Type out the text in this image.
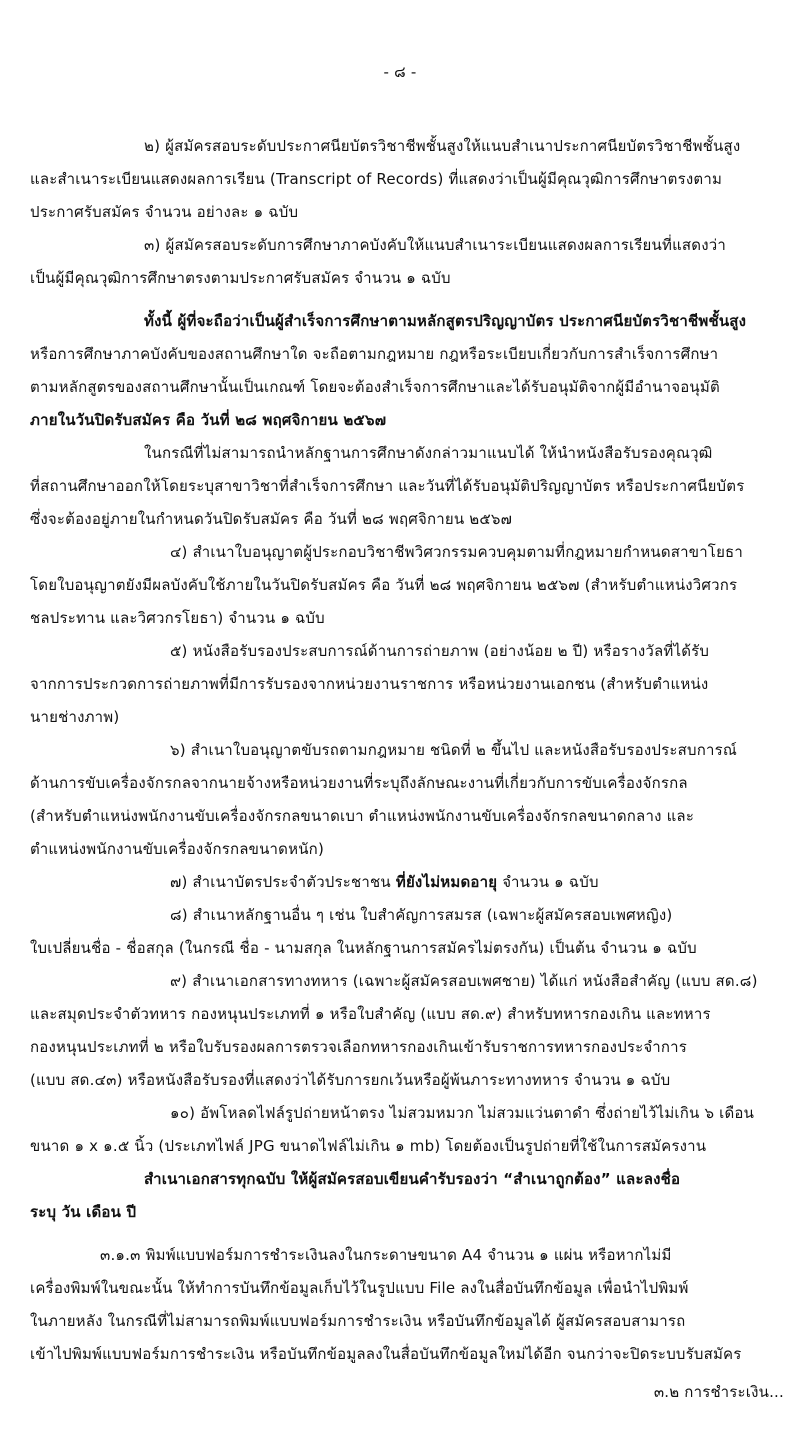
- ๘ -

๒) ผู้สมัครสอบระดับประกาศนียบัตรวิชาชีพชั้นสูงให้แนบสำเนาประกาศนียบัตรวิชาชีพชั้นสูง
และสำเนาระเบียนแสดงผลการเรียน (Transcript of Records) ที่แสดงว่าเป็นผู้มีคุณวุฒิการศึกษาตรงตาม
ประกาศรับสมัคร จำนวน อย่างละ ๑ ฉบับ

๓) ผู้สมัครสอบระดับการศึกษาภาคบังคับให้แนบสำเนาระเบียนแสดงผลการเรียนที่แสดงว่า
เป็นผู้มีคุณวุฒิการศึกษาตรงตามประกาศรับสมัคร จำนวน ๑ ฉบับ

ทั้งนี้ ผู้ที่จะถือว่าเป็นผู้สำเร็จการศึกษาตามหลักสูตรปริญญาบัตร ประกาศนียบัตรวิชาชีพชั้นสูง
หรือการศึกษาภาคบังคับของสถานศึกษาใด จะถือตามกฎหมาย กฎหรือระเบียบเกี่ยวกับการสำเร็จการศึกษา
ตามหลักสูตรของสถานศึกษานั้นเป็นเกณฑ์ โดยจะต้องสำเร็จการศึกษาและได้รับอนุมัติจากผู้มีอำนาจอนุมัติ
ภายในวันปิดรับสมัคร คือ วันที่ ๒๘ พฤศจิกายน ๒๕๖๗

ในกรณีที่ไม่สามารถนำหลักฐานการศึกษาดังกล่าวมาแนบได้ ให้นำหนังสือรับรองคุณวุฒิ
ที่สถานศึกษาออกให้โดยระบุสาขาวิชาที่สำเร็จการศึกษา และวันที่ได้รับอนุมัติปริญญาบัตร หรือประกาศนียบัตร
ซึ่งจะต้องอยู่ภายในกำหนดวันปิดรับสมัคร คือ วันที่ ๒๘ พฤศจิกายน ๒๕๖๗

๔) สำเนาใบอนุญาตผู้ประกอบวิชาชีพวิศวกรรมควบคุมตามที่กฎหมายกำหนดสาขาโยธา
โดยใบอนุญาตยังมีผลบังคับใช้ภายในวันปิดรับสมัคร คือ วันที่ ๒๘ พฤศจิกายน ๒๕๖๗ (สำหรับตำแหน่งวิศวกร
ชลประทาน และวิศวกรโยธา) จำนวน ๑ ฉบับ

๕) หนังสือรับรองประสบการณ์ด้านการถ่ายภาพ (อย่างน้อย ๒ ปี) หรือรางวัลที่ได้รับ
จากการประกวดการถ่ายภาพที่มีการรับรองจากหน่วยงานราชการ หรือหน่วยงานเอกชน (สำหรับตำแหน่ง
นายช่างภาพ)

๖) สำเนาใบอนุญาตขับรถตามกฎหมาย ชนิดที่ ๒ ขึ้นไป และหนังสือรับรองประสบการณ์
ด้านการขับเครื่องจักรกลจากนายจ้างหรือหน่วยงานที่ระบุถึงลักษณะงานที่เกี่ยวกับการขับเครื่องจักรกล
(สำหรับตำแหน่งพนักงานขับเครื่องจักรกลขนาดเบา ตำแหน่งพนักงานขับเครื่องจักรกลขนาดกลาง และ
ตำแหน่งพนักงานขับเครื่องจักรกลขนาดหนัก)

๗) สำเนาบัตรประจำตัวประชาชน ที่ยังไม่หมดอายุ จำนวน ๑ ฉบับ

๘) สำเนาหลักฐานอื่น ๆ เช่น ใบสำคัญการสมรส (เฉพาะผู้สมัครสอบเพศหญิง)
ใบเปลี่ยนชื่อ - ชื่อสกุล (ในกรณี ชื่อ - นามสกุล ในหลักฐานการสมัครไม่ตรงกัน) เป็นต้น จำนวน ๑ ฉบับ

๙) สำเนาเอกสารทางทหาร (เฉพาะผู้สมัครสอบเพศชาย) ได้แก่ หนังสือสำคัญ (แบบ สด.๘)
และสมุดประจำตัวทหาร กองหนุนประเภทที่ ๑ หรือใบสำคัญ (แบบ สด.๙) สำหรับทหารกองเกิน และทหาร
กองหนุนประเภทที่ ๒ หรือใบรับรองผลการตรวจเลือกทหารกองเกินเข้ารับราชการทหารกองประจำการ
(แบบ สด.๔๓) หรือหนังสือรับรองที่แสดงว่าได้รับการยกเว้นหรือผู้พ้นภาระทางทหาร จำนวน ๑ ฉบับ

๑๐) อัพโหลดไฟล์รูปถ่ายหน้าตรง ไม่สวมหมวก ไม่สวมแว่นตาดำ ซึ่งถ่ายไว้ไม่เกิน ๖ เดือน
ขนาด ๑ x ๑.๕ นิ้ว (ประเภทไฟล์ JPG ขนาดไฟล์ไม่เกิน ๑ mb) โดยต้องเป็นรูปถ่ายที่ใช้ในการสมัครงาน

สำเนาเอกสารทุกฉบับ ให้ผู้สมัครสอบเขียนคำรับรองว่า “สำเนาถูกต้อง” และลงชื่อ
ระบุ วัน เดือน ปี

๓.๑.๓ พิมพ์แบบฟอร์มการชำระเงินลงในกระดาษขนาด A4 จำนวน ๑ แผ่น หรือหากไม่มี
เครื่องพิมพ์ในขณะนั้น ให้ทำการบันทึกข้อมูลเก็บไว้ในรูปแบบ File ลงในสื่อบันทึกข้อมูล เพื่อนำไปพิมพ์
ในภายหลัง ในกรณีที่ไม่สามารถพิมพ์แบบฟอร์มการชำระเงิน หรือบันทึกข้อมูลได้ ผู้สมัครสอบสามารถ
เข้าไปพิมพ์แบบฟอร์มการชำระเงิน หรือบันทึกข้อมูลลงในสื่อบันทึกข้อมูลใหม่ได้อีก จนกว่าจะปิดระบบรับสมัคร

๓.๒ การชำระเงิน...
